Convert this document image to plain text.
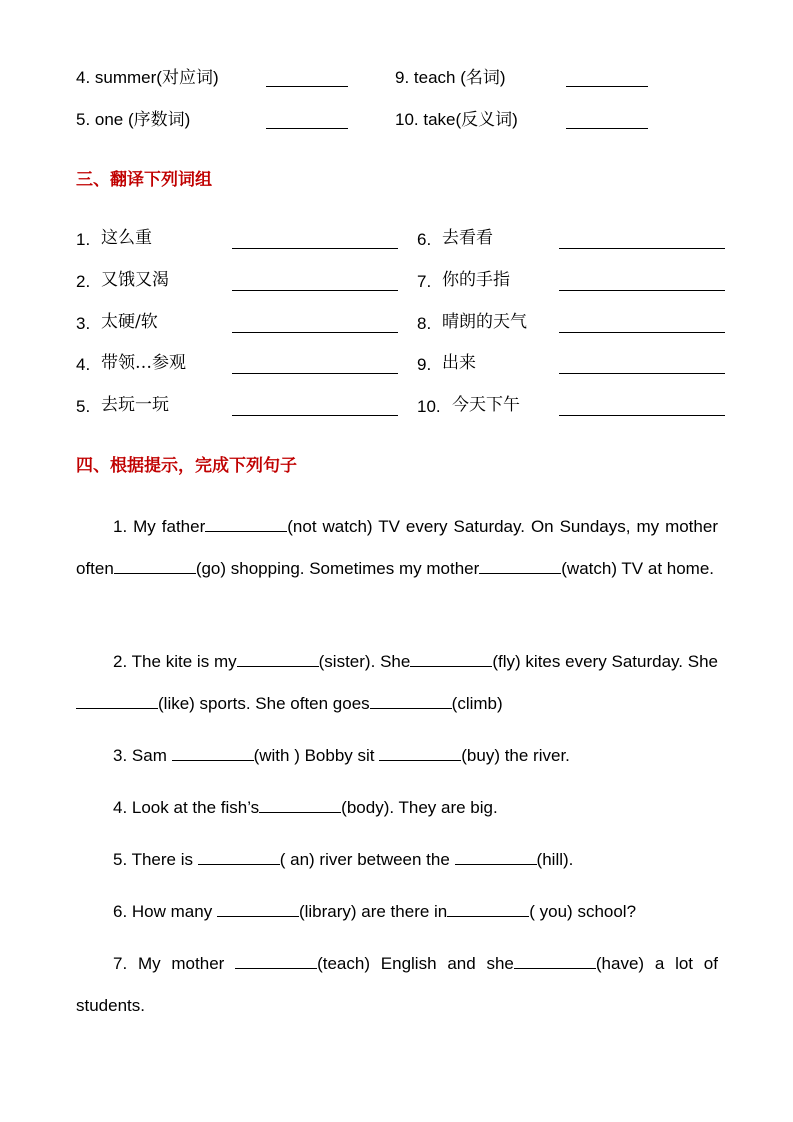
4. summer(对应词)	9. teach (名词)
5. one (序数词)	10. take(反义词)
三、翻译下列词组
1. 这么重	6. 去看看
2. 又饿又渴	7. 你的手指
3. 太硬/软	8. 晴朗的天气
4. 带领…参观	9. 出来
5. 去玩一玩	10. 今天下午
四、根据提示，完成下列句子
1. My father	(not watch) TV every Saturday. On Sundays, my mother often	(go) shopping. Sometimes my mother	(watch) TV at home.
2. The kite is my	(sister). She	(fly) kites every Saturday. She(like) sports. She often goes	(climb)
3. Sam	(with ) Bobby sit	(buy) the river.
4. Look at the fish’s	(body). They are big.
5. There is	( an) river between the	(hill).
6. How many	(library) are there in	( you) school?
7. My mother	(teach) English and she	(have) a lot of students.
